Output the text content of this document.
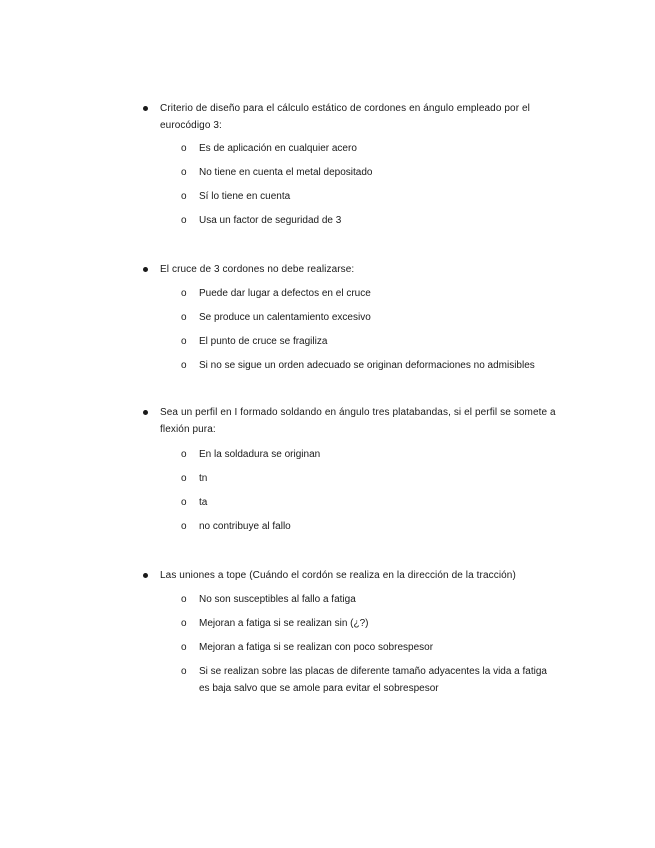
Criterio de diseño para el cálculo estático de cordones en ángulo empleado por el eurocódigo 3:
o Es de aplicación en cualquier acero
o No tiene en cuenta el metal depositado
o Sí lo tiene en cuenta
o Usa un factor de seguridad de 3
El cruce de 3 cordones no debe realizarse:
o Puede dar lugar a defectos en el cruce
o Se produce un calentamiento excesivo
o El punto de cruce se fragiliza
o Si no se sigue un orden adecuado se originan deformaciones no admisibles
Sea un perfil en I formado soldando en ángulo tres platabandas, si el perfil se somete a flexión pura:
o En la soldadura se originan
o tn
o ta
o no contribuye al fallo
Las uniones a tope (Cuándo el cordón se realiza en la dirección de la tracción)
o No son susceptibles al fallo a fatiga
o Mejoran a fatiga si se realizan sin (¿?)
o Mejoran a fatiga si se realizan con poco sobrespesor
o Si se realizan sobre las placas de diferente tamaño adyacentes la vida a fatiga es baja salvo que se amole para evitar el sobrespesor
